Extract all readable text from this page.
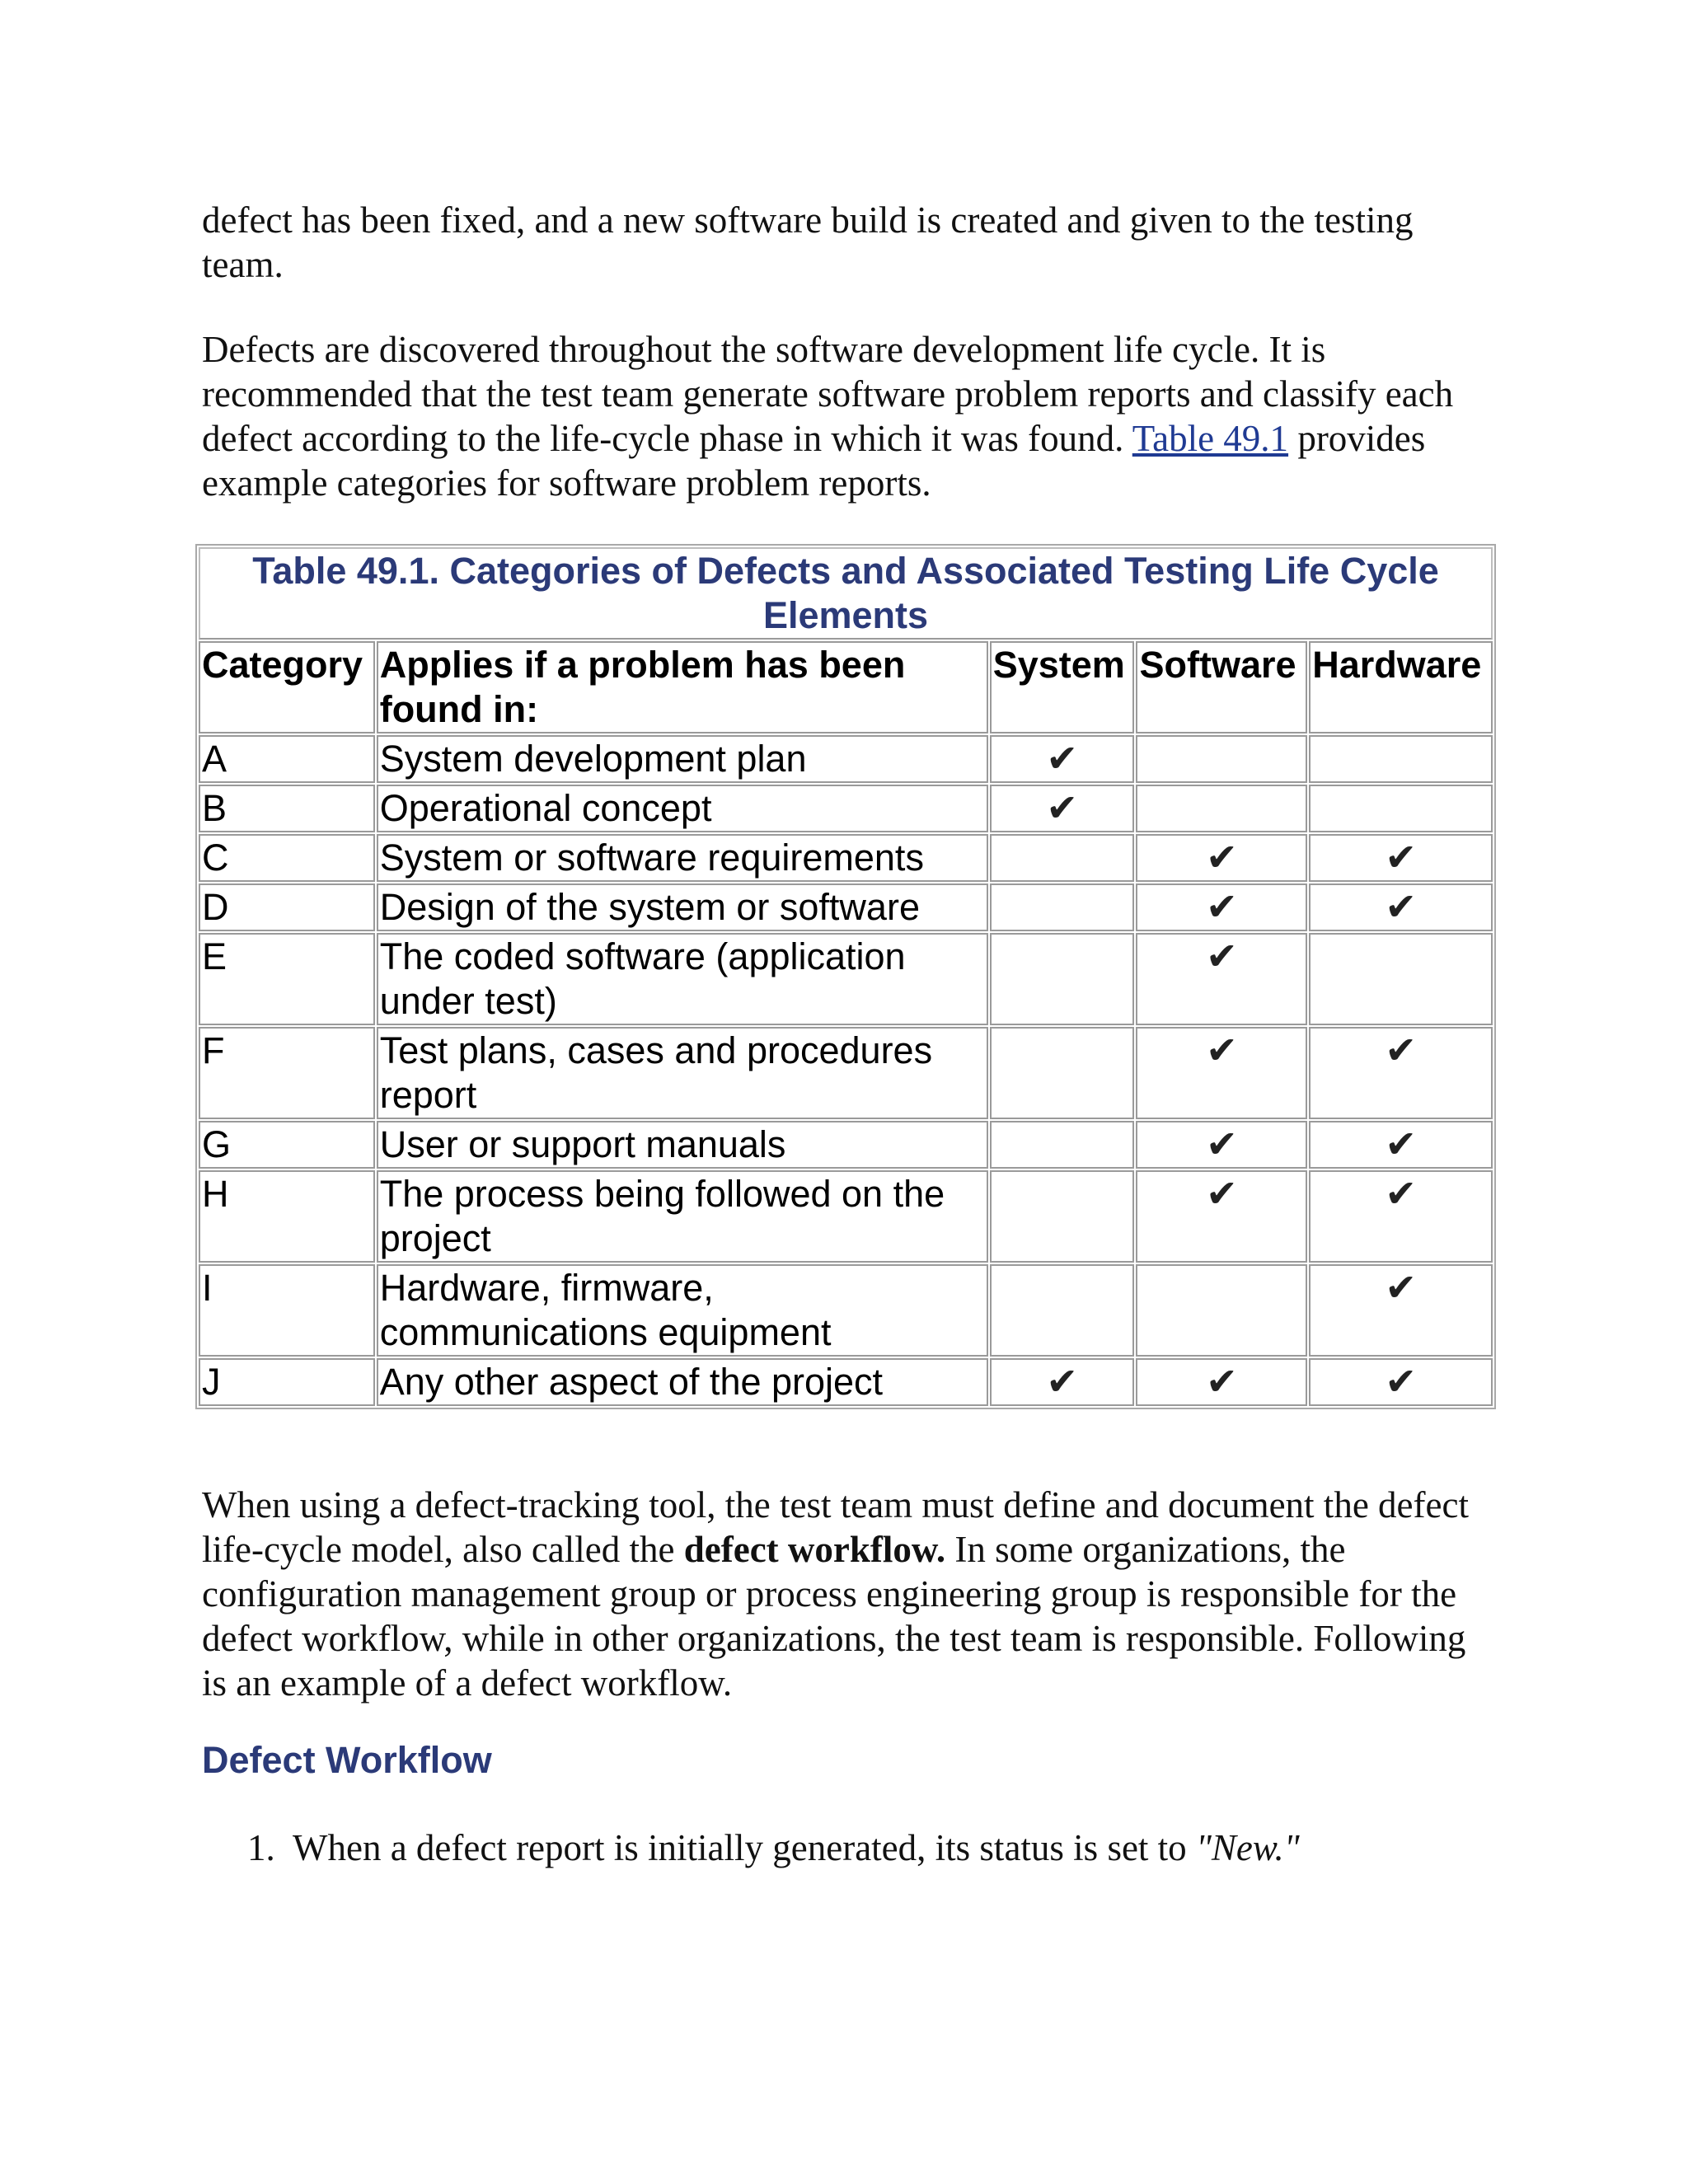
defect has been fixed, and a new software build is created and given to the testing team.

Defects are discovered throughout the software development life cycle. It is recommended that the test team generate software problem reports and classify each defect according to the life-cycle phase in which it was found. Table 49.1 provides example categories for software problem reports.

Table 49.1. Categories of Defects and Associated Testing Life Cycle Elements				
Category	Applies if a problem has been found in:	System	Software	Hardware
A	System development plan	✔		
B	Operational concept	✔		
C	System or software requirements		✔	✔
D	Design of the system or software		✔	✔
E	The coded software (application under test)		✔	
F	Test plans, cases and procedures report		✔	✔
G	User or support manuals		✔	✔
H	The process being followed on the project		✔	✔
I	Hardware, firmware, communications equipment			✔
J	Any other aspect of the project	✔	✔	✔

When using a defect-tracking tool, the test team must define and document the defect life-cycle model, also called the defect workflow. In some organizations, the configuration management group or process engineering group is responsible for the defect workflow, while in other organizations, the test team is responsible. Following is an example of a defect workflow.

Defect Workflow
1. When a defect report is initially generated, its status is set to "New."
